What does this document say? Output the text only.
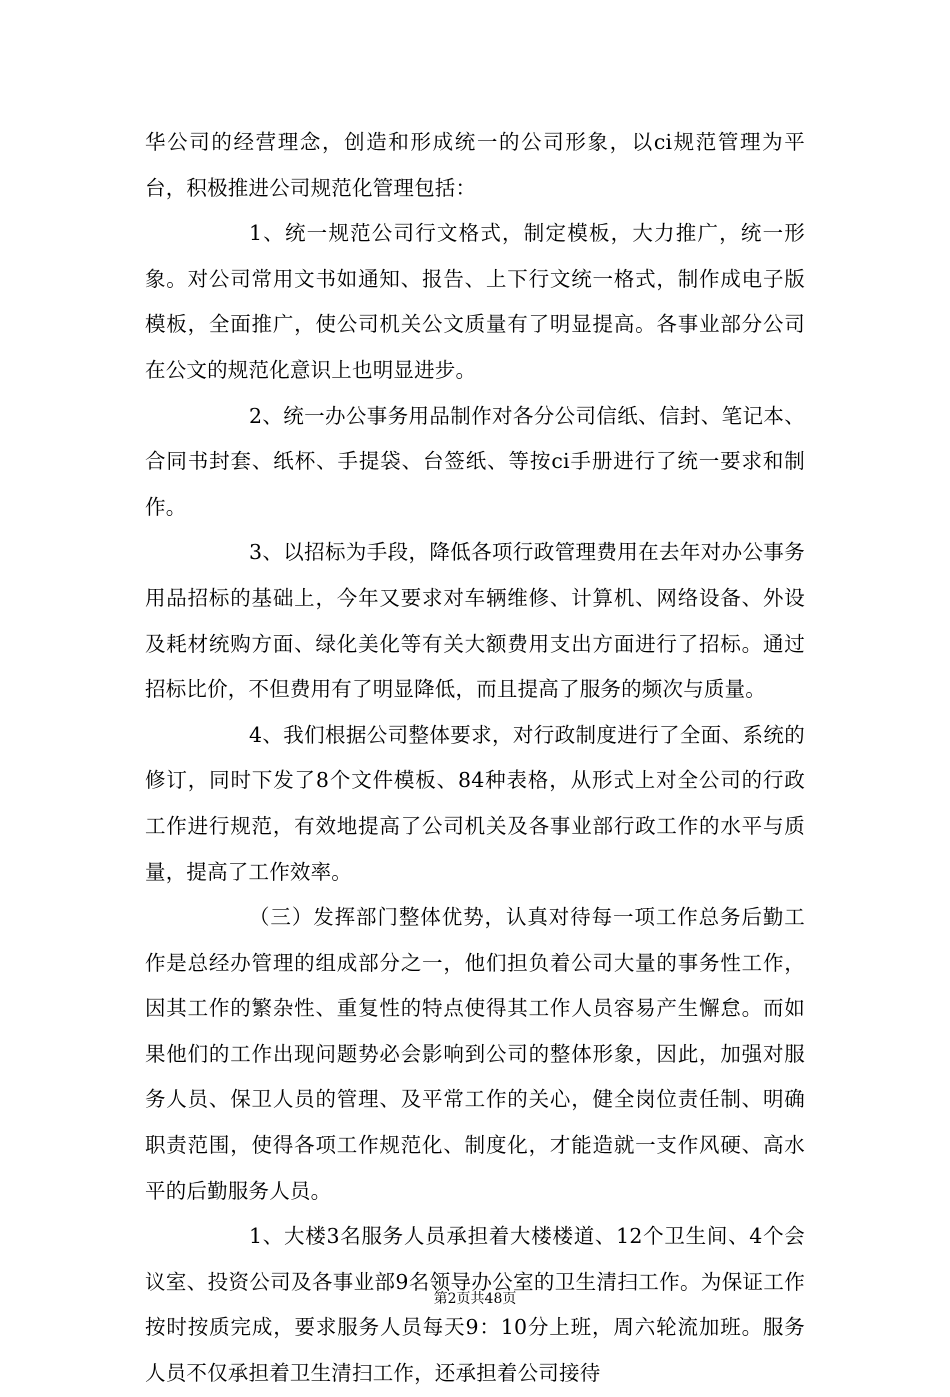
华公司的经营理念，创造和形成统一的公司形象，以ci规范管理为平台，积极推进公司规范化管理包括：

1、统一规范公司行文格式，制定模板，大力推广，统一形象。对公司常用文书如通知、报告、上下行文统一格式，制作成电子版模板，全面推广，使公司机关公文质量有了明显提高。各事业部分公司在公文的规范化意识上也明显进步。

2、统一办公事务用品制作对各分公司信纸、信封、笔记本、合同书封套、纸杯、手提袋、台签纸、等按ci手册进行了统一要求和制作。

3、以招标为手段，降低各项行政管理费用在去年对办公事务用品招标的基础上，今年又要求对车辆维修、计算机、网络设备、外设及耗材统购方面、绿化美化等有关大额费用支出方面进行了招标。通过招标比价，不但费用有了明显降低，而且提高了服务的频次与质量。

4、我们根据公司整体要求，对行政制度进行了全面、系统的修订，同时下发了8个文件模板、84种表格，从形式上对全公司的行政工作进行规范，有效地提高了公司机关及各事业部行政工作的水平与质量，提高了工作效率。

（三）发挥部门整体优势，认真对待每一项工作总务后勤工作是总经办管理的组成部分之一，他们担负着公司大量的事务性工作，因其工作的繁杂性、重复性的特点使得其工作人员容易产生懈怠。而如果他们的工作出现问题势必会影响到公司的整体形象，因此，加强对服务人员、保卫人员的管理、及平常工作的关心，健全岗位责任制、明确职责范围，使得各项工作规范化、制度化，才能造就一支作风硬、高水平的后勤服务人员。

1、大楼3名服务人员承担着大楼楼道、12个卫生间、4个会议室、投资公司及各事业部9名领导办公室的卫生清扫工作。为保证工作按时按质完成，要求服务人员每天9：10分上班，周六轮流加班。服务人员不仅承担着卫生清扫工作，还承担着公司接待

第2页共48页
